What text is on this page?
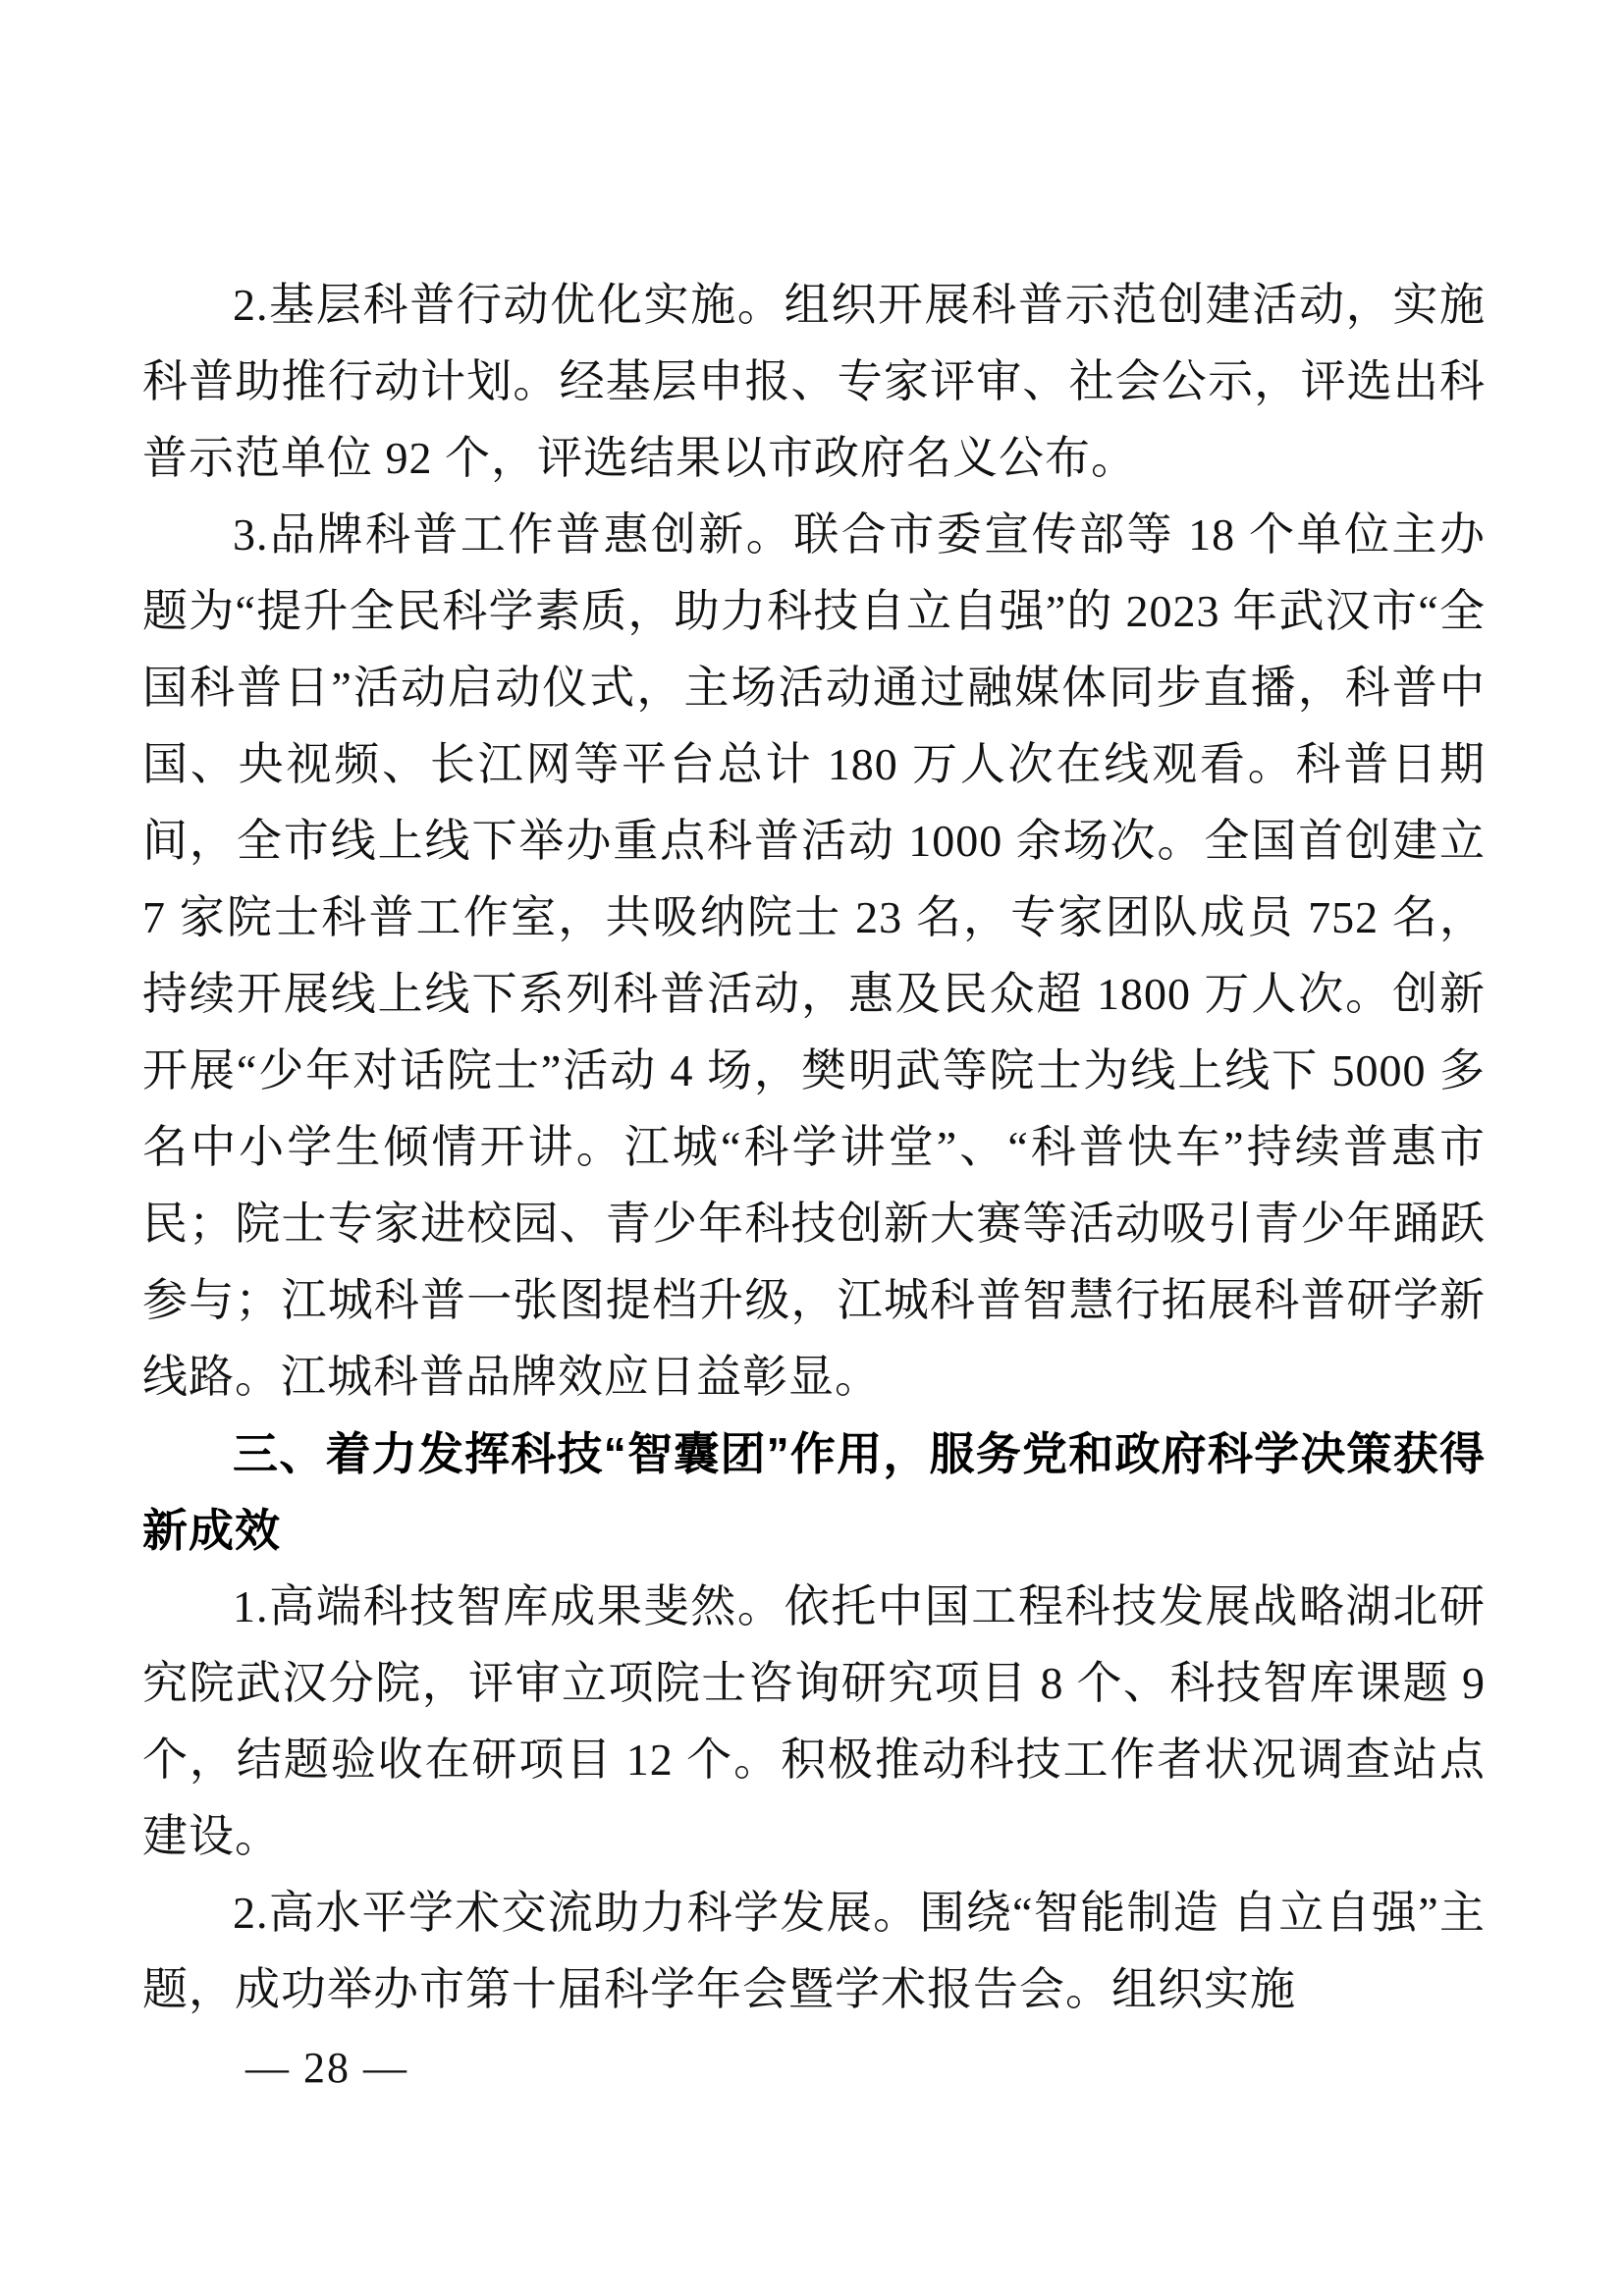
2.基层科普行动优化实施。组织开展科普示范创建活动，实施科普助推行动计划。经基层申报、专家评审、社会公示，评选出科普示范单位 92 个，评选结果以市政府名义公布。

3.品牌科普工作普惠创新。联合市委宣传部等 18 个单位主办题为“提升全民科学素质，助力科技自立自强”的 2023 年武汉市“全国科普日”活动启动仪式，主场活动通过融媒体同步直播，科普中国、央视频、长江网等平台总计 180 万人次在线观看。科普日期间，全市线上线下举办重点科普活动 1000 余场次。全国首创建立 7 家院士科普工作室，共吸纳院士 23 名，专家团队成员 752 名，持续开展线上线下系列科普活动，惠及民众超 1800 万人次。创新开展“少年对话院士”活动 4 场，樊明武等院士为线上线下 5000 多名中小学生倾情开讲。江城“科学讲堂”、“科普快车”持续普惠市民；院士专家进校园、青少年科技创新大赛等活动吸引青少年踊跃参与；江城科普一张图提档升级，江城科普智慧行拓展科普研学新线路。江城科普品牌效应日益彰显。

三、着力发挥科技“智囊团”作用，服务党和政府科学决策获得新成效

1.高端科技智库成果斐然。依托中国工程科技发展战略湖北研究院武汉分院，评审立项院士咨询研究项目 8 个、科技智库课题 9 个，结题验收在研项目 12 个。积极推动科技工作者状况调查站点建设。

2.高水平学术交流助力科学发展。围绕“智能制造 自立自强”主题，成功举办市第十届科学年会暨学术报告会。组织实施

— 28 —
